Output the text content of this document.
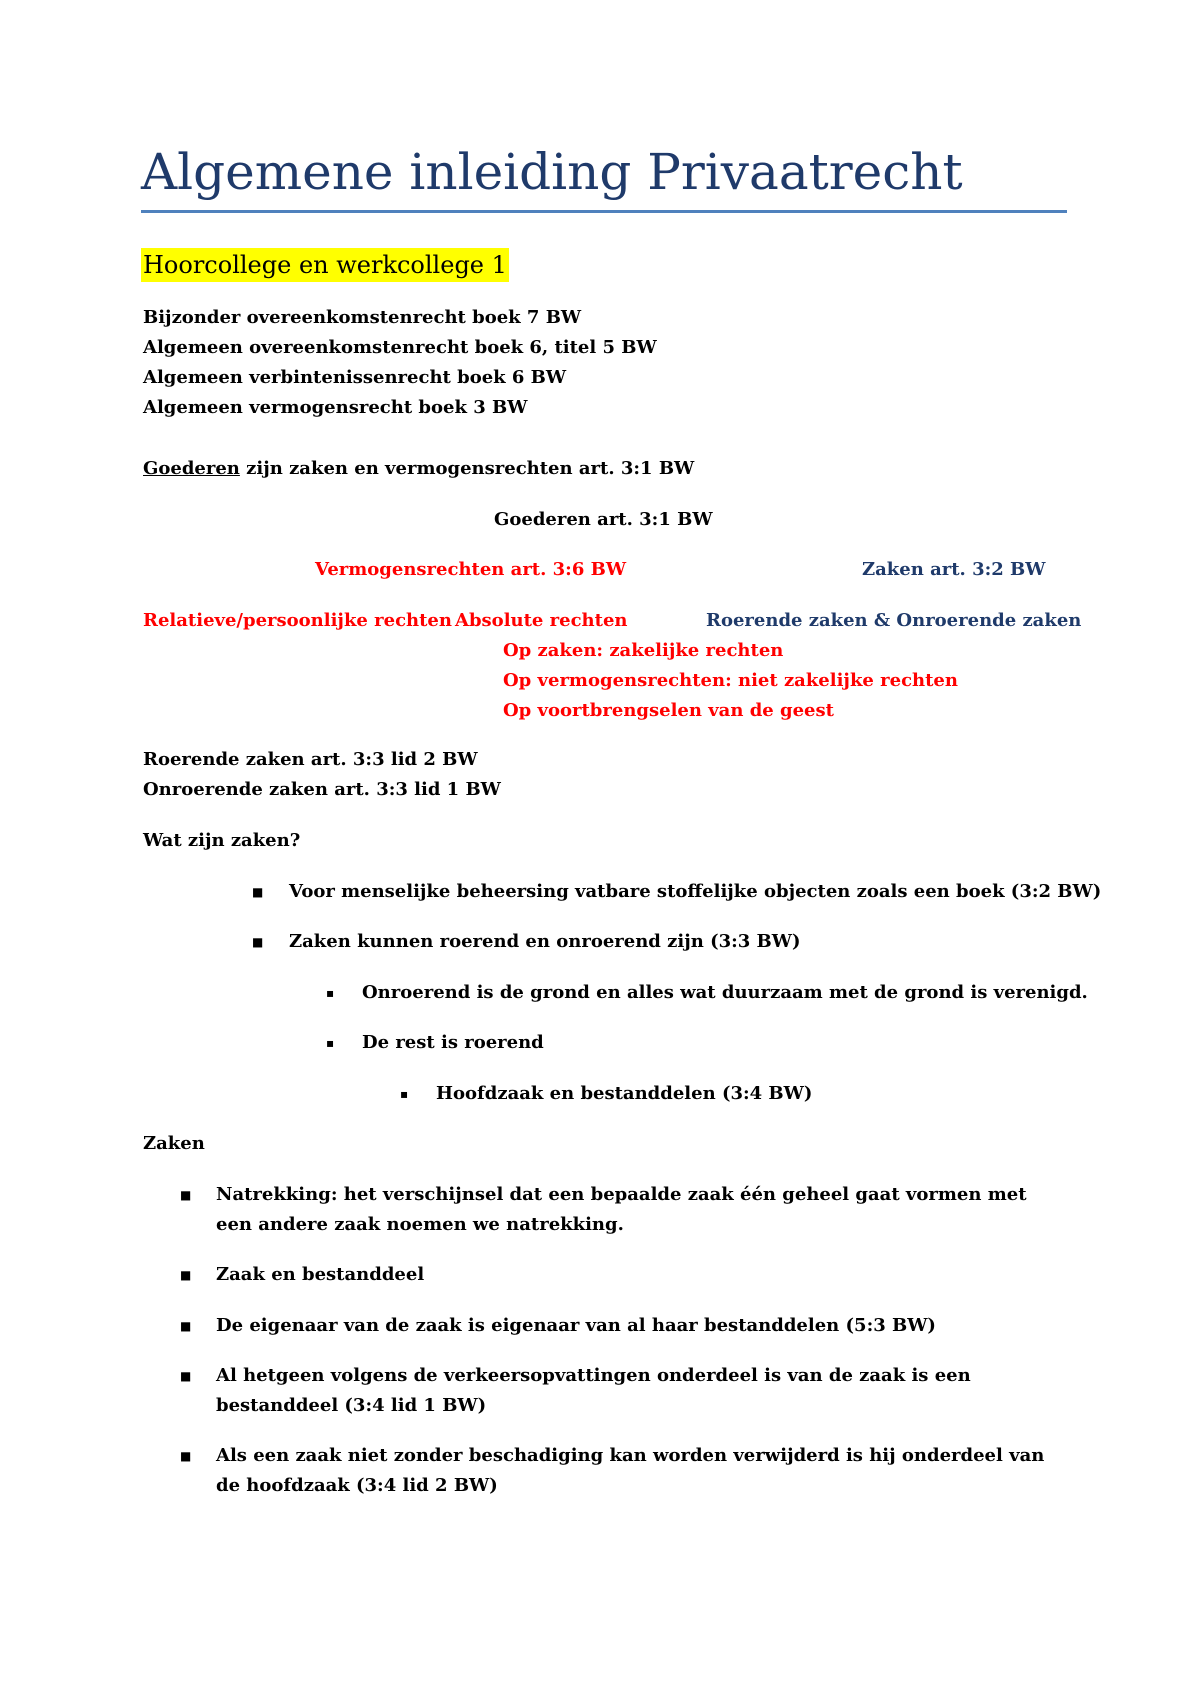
Algemene inleiding Privaatrecht
Hoorcollege en werkcollege 1
Bijzonder overeenkomstenrecht boek 7 BW
Algemeen overeenkomstenrecht boek 6, titel 5 BW
Algemeen verbintenissenrecht boek 6 BW
Algemeen vermogensrecht boek 3 BW
Goederen zijn zaken en vermogensrechten art. 3:1 BW
Goederen art. 3:1 BW
Vermogensrechten art. 3:6 BW	Zaken art. 3:2 BW
Relatieve/persoonlijke rechten Absolute rechten	Roerende zaken & Onroerende zaken
Op zaken: zakelijke rechten
Op vermogensrechten: niet zakelijke rechten
Op voortbrengselen van de geest
Roerende zaken art. 3:3 lid 2 BW
Onroerende zaken art. 3:3 lid 1 BW
Wat zijn zaken?
■ Voor menselijke beheersing vatbare stoffelijke objecten zoals een boek (3:2 BW)
■ Zaken kunnen roerend en onroerend zijn (3:3 BW)
▪ Onroerend is de grond en alles wat duurzaam met de grond is verenigd.
▪ De rest is roerend
▪ Hoofdzaak en bestanddelen (3:4 BW)
Zaken
■ Natrekking: het verschijnsel dat een bepaalde zaak één geheel gaat vormen met een andere zaak noemen we natrekking.
■ Zaak en bestanddeel
■ De eigenaar van de zaak is eigenaar van al haar bestanddelen (5:3 BW)
■ Al hetgeen volgens de verkeersopvattingen onderdeel is van de zaak is een bestanddeel (3:4 lid 1 BW)
■ Als een zaak niet zonder beschadiging kan worden verwijderd is hij onderdeel van de hoofdzaak (3:4 lid 2 BW)
